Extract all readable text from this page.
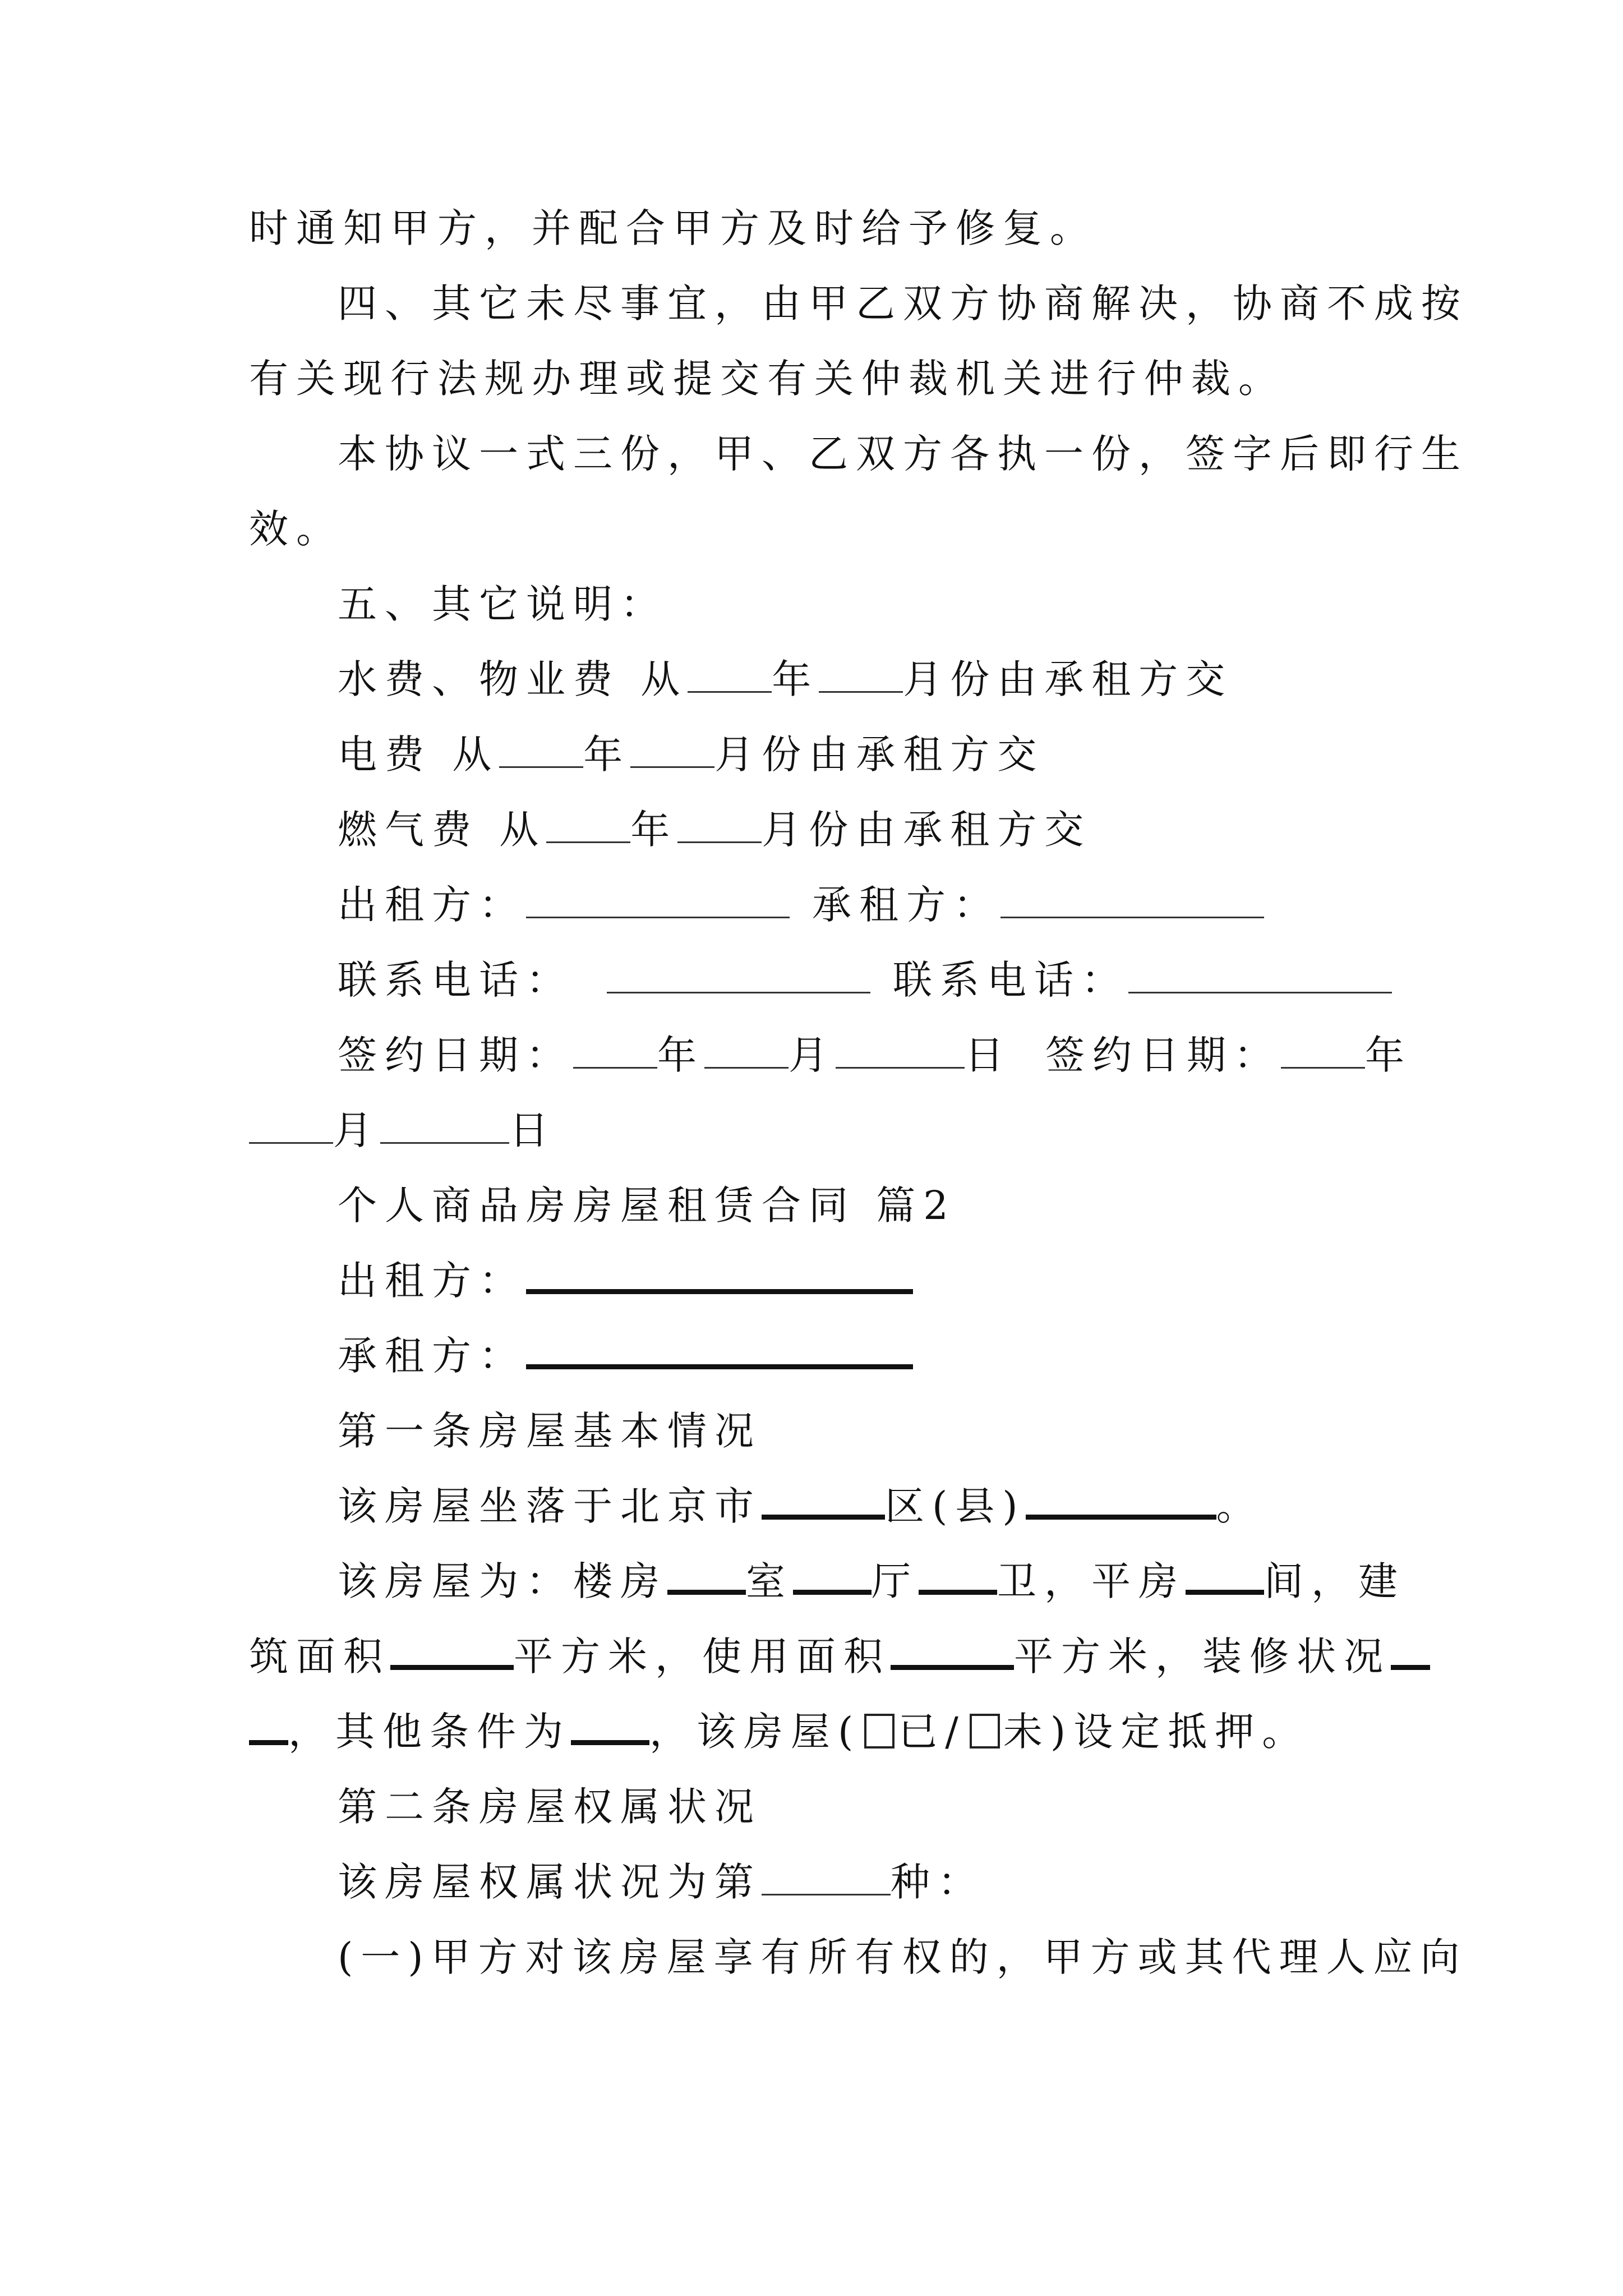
时通知甲方，并配合甲方及时给予修复。
四、其它未尽事宜，由甲乙双方协商解决，协商不成按
有关现行法规办理或提交有关仲裁机关进行仲裁。
本协议一式三份，甲、乙双方各执一份，签字后即行生
效。
五、其它说明：
水费、物业费 从 年 月份由承租方交
电费 从 年 月份由承租方交
燃气费 从 年 月份由承租方交
出租方：	承租方：
联系电话：	联系电话：
签约日期： 年 月	日 签约日期： 年
月	日
个人商品房房屋租赁合同 篇2
出租方：
承租方：
第一条房屋基本情况
该房屋坐落于北京市	区(县)	。
该房屋为：楼房 室 厅 卫，平房 间，建
筑面积	平方米，使用面积	平方米，装修状况
，其他条件为 ，该房屋( 已/ 未)设定抵押。
第二条房屋权属状况
该房屋权属状况为第	种：
(一)甲方对该房屋享有所有权的，甲方或其代理人应向
